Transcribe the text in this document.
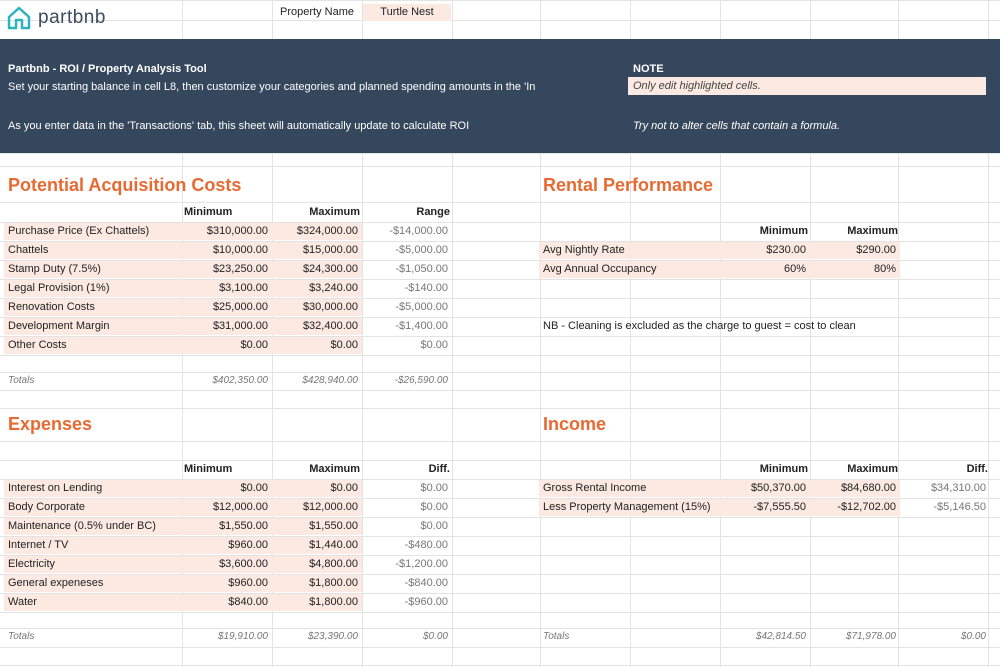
partbnb	Property Name	Turtle Nest
Partbnb - ROI / Property Analysis Tool
Set your starting balance in cell L8, then customize your categories and planned spending amounts in the 'In
As you enter data in the 'Transactions' tab, this sheet will automatically update to calculate ROI
NOTE
Try not to alter cells that contain a formula.
Only edit highlighted cells.
Potential Acquisition Costs	Rental Performance
Expenses	Income
Minimum	Maximum	Range
Purchase Price (Ex Chattels)	$310,000.00	$324,000.00	-$14,000.00
Chattels	$10,000.00	$15,000.00	-$5,000.00
Stamp Duty (7.5%)	$23,250.00	$24,300.00	-$1,050.00
Legal Provision (1%)	$3,100.00	$3,240.00	-$140.00
Renovation Costs	$25,000.00	$30,000.00	-$5,000.00
Development Margin	$31,000.00	$32,400.00	-$1,400.00
Other Costs	$0.00	$0.00	$0.00
Totals	$402,350.00	$428,940.00	-$26,590.00
Minimum	Maximum
Avg Nightly Rate	$230.00	$290.00
Avg Annual Occupancy	60%	80%
NB - Cleaning is excluded as the charge to guest = cost to clean
Minimum	Maximum	Diff.
Interest on Lending	$0.00	$0.00	$0.00
Body Corporate	$12,000.00	$12,000.00	$0.00
Maintenance (0.5% under BC)	$1,550.00	$1,550.00	$0.00
Internet / TV	$960.00	$1,440.00	-$480.00
Electricity	$3,600.00	$4,800.00	-$1,200.00
General expeneses	$960.00	$1,800.00	-$840.00
Water	$840.00	$1,800.00	-$960.00
Totals	$19,910.00	$23,390.00	$0.00
Minimum	Maximum	Diff.
Gross Rental Income	$50,370.00	$84,680.00	$34,310.00
Less Property Management (15%)	-$7,555.50	-$12,702.00	-$5,146.50
Totals	$42,814.50	$71,978.00	$0.00
